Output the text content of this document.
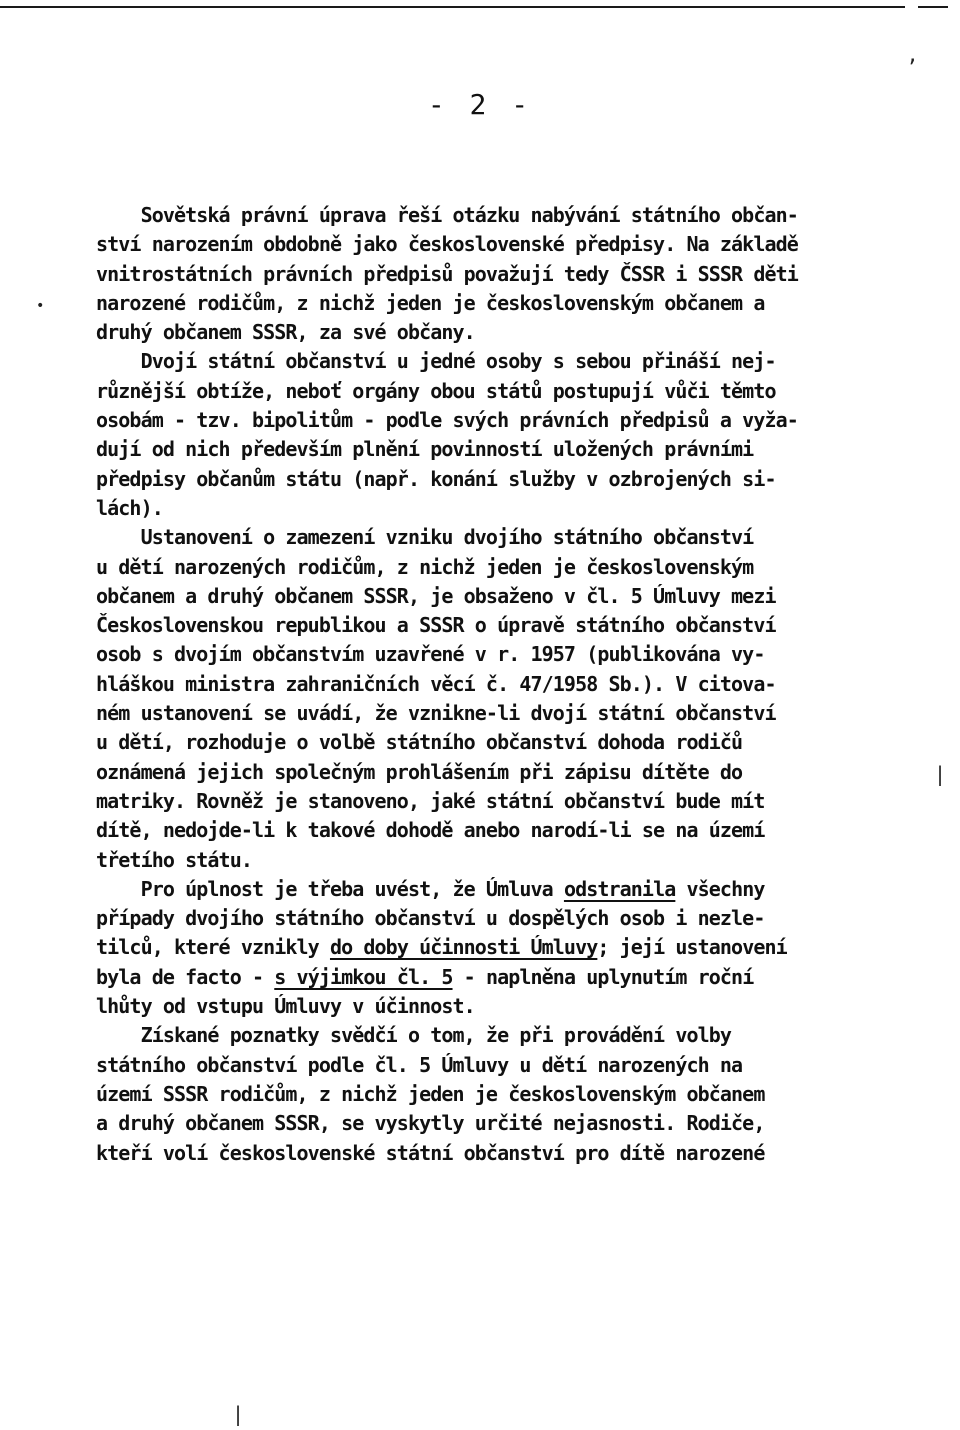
- 2 -
Sovětská právní úprava řeší otázku nabývání státního občan-
ství narozením obdobně jako československé předpisy. Na základě
vnitrostátních právních předpisů považují tedy ČSSR i SSSR děti
narozené rodičům, z nichž jeden je československým občanem a
druhý občanem SSSR, za své občany.
Dvojí státní občanství u jedné osoby s sebou přináší nej-
různější obtíže, neboť orgány obou států postupují vůči těmto
osobám - tzv. bipolitům - podle svých právních předpisů a vyža-
dují od nich především plnění povinností uložených právními
předpisy občanům státu (např. konání služby v ozbrojených si-
lách).
Ustanovení o zamezení vzniku dvojího státního občanství
u dětí narozených rodičům, z nichž jeden je československým
občanem a druhý občanem SSSR, je obsaženo v čl. 5 Úmluvy mezi
Československou republikou a SSSR o úpravě státního občanství
osob s dvojím občanstvím uzavřené v r. 1957 (publikována vy-
hláškou ministra zahraničních věcí č. 47/1958 Sb.). V citova-
ném ustanovení se uvádí, že vznikne-li dvojí státní občanství
u dětí, rozhoduje o volbě státního občanství dohoda rodičů
oznámená jejich společným prohlášením při zápisu dítěte do
matriky. Rovněž je stanoveno, jaké státní občanství bude mít
dítě, nedojde-li k takové dohodě anebo narodí-li se na území
třetího státu.
Pro úplnost je třeba uvést, že Úmluva odstranila všechny
případy dvojího státního občanství u dospělých osob i nezle-
tilců, které vznikly do doby účinnosti Úmluvy; její ustanovení
byla de facto - s výjimkou čl. 5 - naplněna uplynutím roční
lhůty od vstupu Úmluvy v účinnost.
Získané poznatky svědčí o tom, že při provádění volby
státního občanství podle čl. 5 Úmluvy u dětí narozených na
území SSSR rodičům, z nichž jeden je československým občanem
a druhý občanem SSSR, se vyskytly určité nejasnosti. Rodiče,
kteří volí československé státní občanství pro dítě narozené
’
•
|
|
